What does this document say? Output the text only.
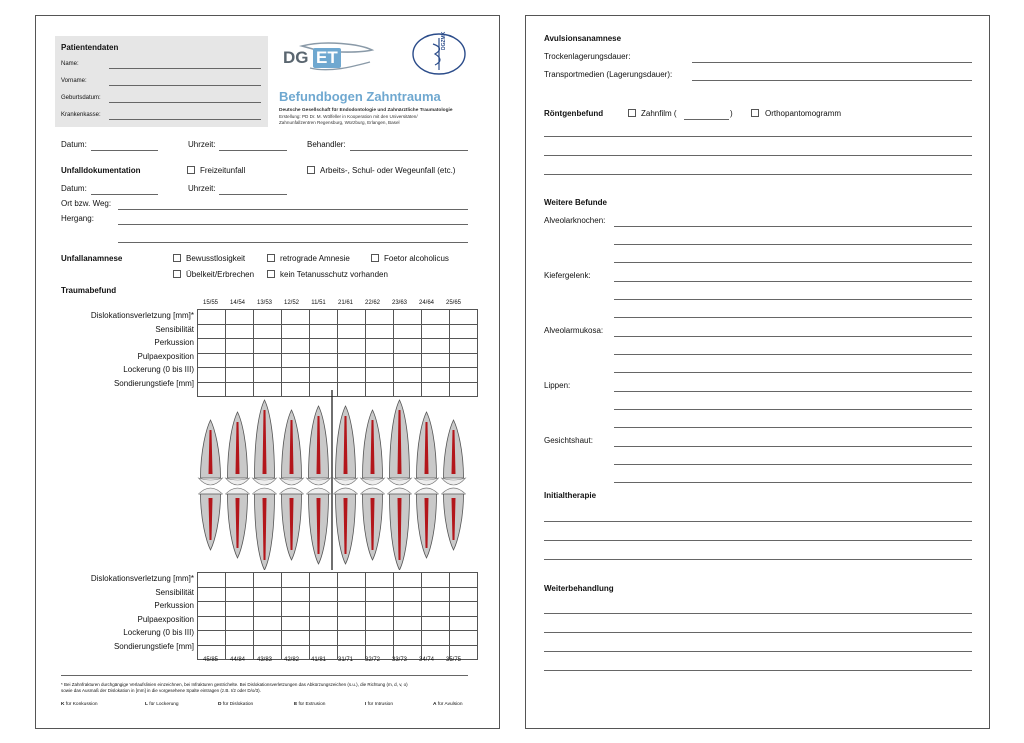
Patientendaten
Name:
Vorname:
Geburtsdatum:
Krankenkasse:
DG ET
DGZMK
Befundbogen Zahntrauma
Deutsche Gesellschaft für Endodontologie und Zahnärztliche Traumatologie
Erstellung: PD Dr. M. Wölfeller in Kooperation mit den Universitäten/
Zahnunfallzentren Regensburg, Würzburg, Erlangen, Basel
Datum:	Uhrzeit:	Behandler:
Unfalldokumentation	Freizeitunfall	Arbeits-, Schul- oder Wegeunfall (etc.)
Datum:	Uhrzeit:
Ort bzw. Weg:
Hergang:
Unfallanamnese	Bewusstlosigkeit	retrograde Amnesie	Foetor alcoholicus
Übelkeit/Erbrechen	kein Tetanusschutz vorhanden
Traumabefund

* Bei Zahnfrakturen durchgängige Verlaufslinien einzeichnen, bei Infrakturen gestrichelte. Bei Dislokationsverletzungen das Abkürzungszeichen (s.u.), die Richtung (m, d, v, o)
sowie das Ausmaß der Dislokation in [mm] in die vorgesehene Spalte eintragen (z.B. I/2 oder D/o/3).
15/55	14/54	13/53	12/52	11/51	21/61	22/62	23/63	24/64	25/65
45/85	44/84	43/83	42/82	41/81	31/71	32/72	33/73	34/74	35/75
Dislokationsverletzung [mm]*
Sensibilität
Perkussion
Pulpaexposition
Lockerung (0 bis III)
Sondierungstiefe [mm]
Dislokationsverletzung [mm]*
Sensibilität
Perkussion
Pulpaexposition
Lockerung (0 bis III)
Sondierungstiefe [mm]
K für Konkussion	L für Lockerung	D für Dislokation	E für Extrusion	I für Intrusion	A für Avulsion
Avulsionsanamnese
Trockenlagerungsdauer:
Transportmedien (Lagerungsdauer):
Röntgenbefund	Zahnfilm (	)	Orthopantomogramm
Weitere Befunde
Initialtherapie
Weiterbehandlung
Alveolarknochen:
Kiefergelenk:
Alveolarmukosa:
Lippen:
Gesichtshaut:
